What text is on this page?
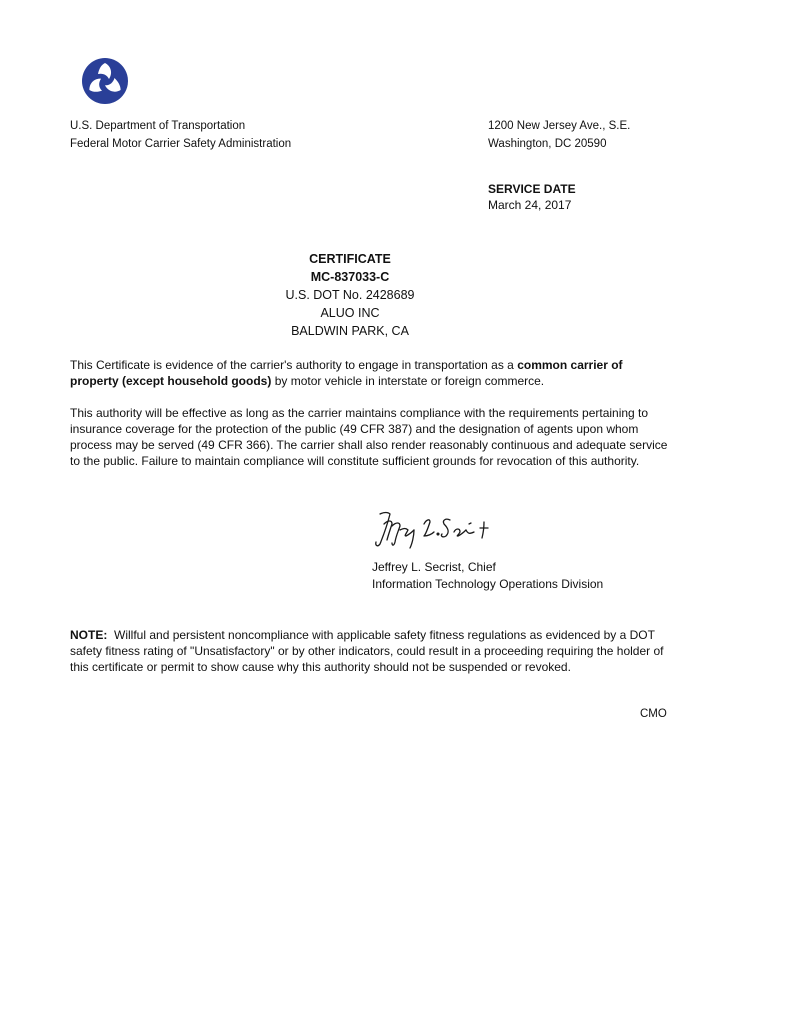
U.S. Department of Transportation
Federal Motor Carrier Safety Administration
1200 New Jersey Ave., S.E.
Washington, DC 20590
SERVICE DATE
March 24, 2017
CERTIFICATE
MC-837033-C
U.S. DOT No. 2428689
ALUO INC
BALDWIN PARK, CA
This Certificate is evidence of the carrier's authority to engage in transportation as a common carrier of property (except household goods) by motor vehicle in interstate or foreign commerce.
This authority will be effective as long as the carrier maintains compliance with the requirements pertaining to insurance coverage for the protection of the public (49 CFR 387) and the designation of agents upon whom process may be served (49 CFR 366). The carrier shall also render reasonably continuous and adequate service to the public. Failure to maintain compliance will constitute sufficient grounds for revocation of this authority.
Jeffrey L. Secrist, Chief
Information Technology Operations Division
NOTE:  Willful and persistent noncompliance with applicable safety fitness regulations as evidenced by a DOT safety fitness rating of "Unsatisfactory" or by other indicators, could result in a proceeding requiring the holder of this certificate or permit to show cause why this authority should not be suspended or revoked.
CMO
